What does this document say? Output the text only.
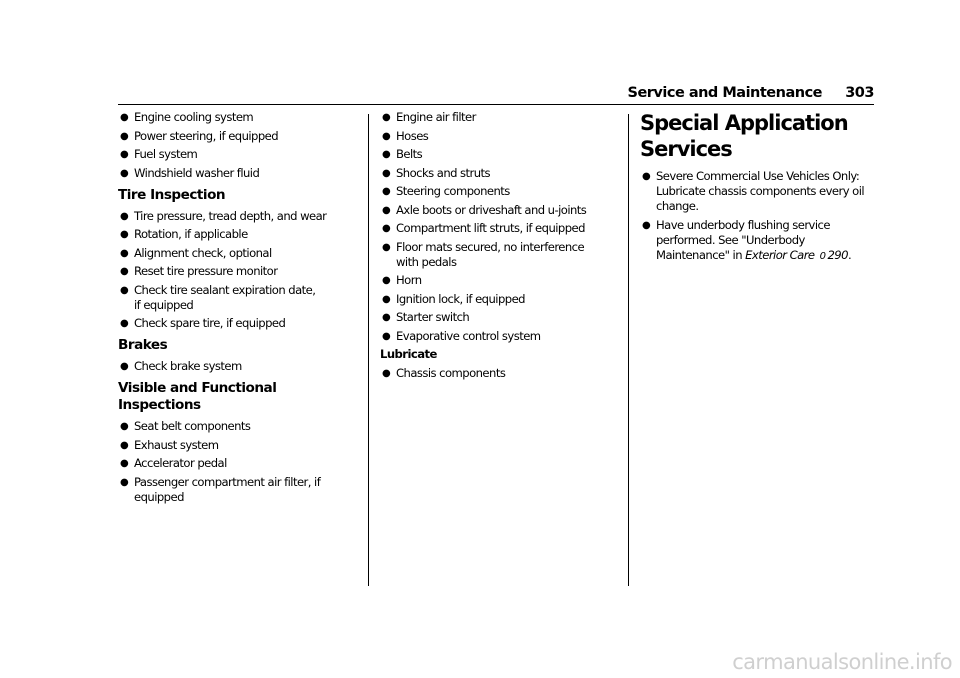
Service and Maintenance 303
● Engine cooling system
● Power steering, if equipped
● Fuel system
● Windshield washer fluid
Tire Inspection
● Tire pressure, tread depth, and wear
● Rotation, if applicable
● Alignment check, optional
● Reset tire pressure monitor
● Check tire sealant expiration date, if equipped
● Check spare tire, if equipped
Brakes
● Check brake system
Visible and Functional Inspections
● Seat belt components
● Exhaust system
● Accelerator pedal
● Passenger compartment air filter, if equipped
● Engine air filter
● Hoses
● Belts
● Shocks and struts
● Steering components
● Axle boots or driveshaft and u-joints
● Compartment lift struts, if equipped
● Floor mats secured, no interference with pedals
● Horn
● Ignition lock, if equipped
● Starter switch
● Evaporative control system
Lubricate
● Chassis components
Special Application Services
● Severe Commercial Use Vehicles Only: Lubricate chassis components every oil change.
● Have underbody flushing service performed. See "Underbody Maintenance" in Exterior Care 0 290.
carmanualsonline.info
